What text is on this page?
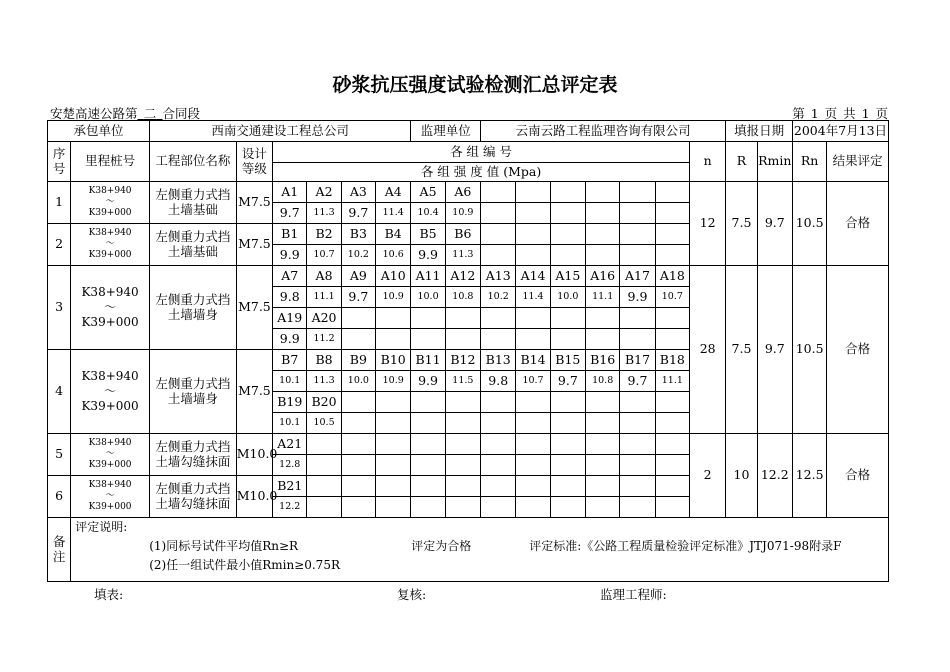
砂浆抗压强度试验检测汇总评定表
安楚高速公路第_二_合同段	第 1 页 共 1 页
承包单位		西南交通建设工程总公司						监理单位		云南云路工程监理咨询有限公司							填报日期		2004年7月13日	
序号	里程桩号	工程部位名称	设计等级	各 组 编 号												n	R	Rmin	Rn	结果评定
				各 组 强 度 值 (Mpa)																
1	K38+940
～
K39+000	左侧重力式挡土墙基础	M7.5	A1	A2	A3	A4	A5	A6							12	7.5	9.7	10.5	合格
				9.7	11.3	9.7	11.4	10.4	10.9											
2	K38+940
～
K39+000	左侧重力式挡土墙基础	M7.5	B1	B2	B3	B4	B5	B6											
				9.9	10.7	10.2	10.6	9.9	11.3											
3	K38+940
～
K39+000	左侧重力式挡土墙墙身	M7.5	A7	A8	A9	A10	A11	A12	A13	A14	A15	A16	A17	A18	28	7.5	9.7	10.5	合格
				9.8	11.1	9.7	10.9	10.0	10.8	10.2	11.4	10.0	11.1	9.9	10.7					
				A19	A20															
				9.9	11.2															
4	K38+940
～
K39+000	左侧重力式挡土墙墙身	M7.5	B7	B8	B9	B10	B11	B12	B13	B14	B15	B16	B17	B18					
				10.1	11.3	10.0	10.9	9.9	11.5	9.8	10.7	9.7	10.8	9.7	11.1					
				B19	B20															
				10.1	10.5															
5	K38+940
～
K39+000	左侧重力式挡土墙勾缝抹面	M10.0	A21												2	10	12.2	12.5	合格
				12.8																
6	K38+940
～
K39+000	左侧重力式挡土墙勾缝抹面	M10.0	B21																
				12.2																
备注	评定说明:
(1)同标号试件平均值Rn≥R 评定为合格 评定标准:《公路工程质量检验评定标准》JTJ071-98附录F
(2)任一组试件最小值Rmin≥0.75R																			
填表:	复核:	监理工程师:
